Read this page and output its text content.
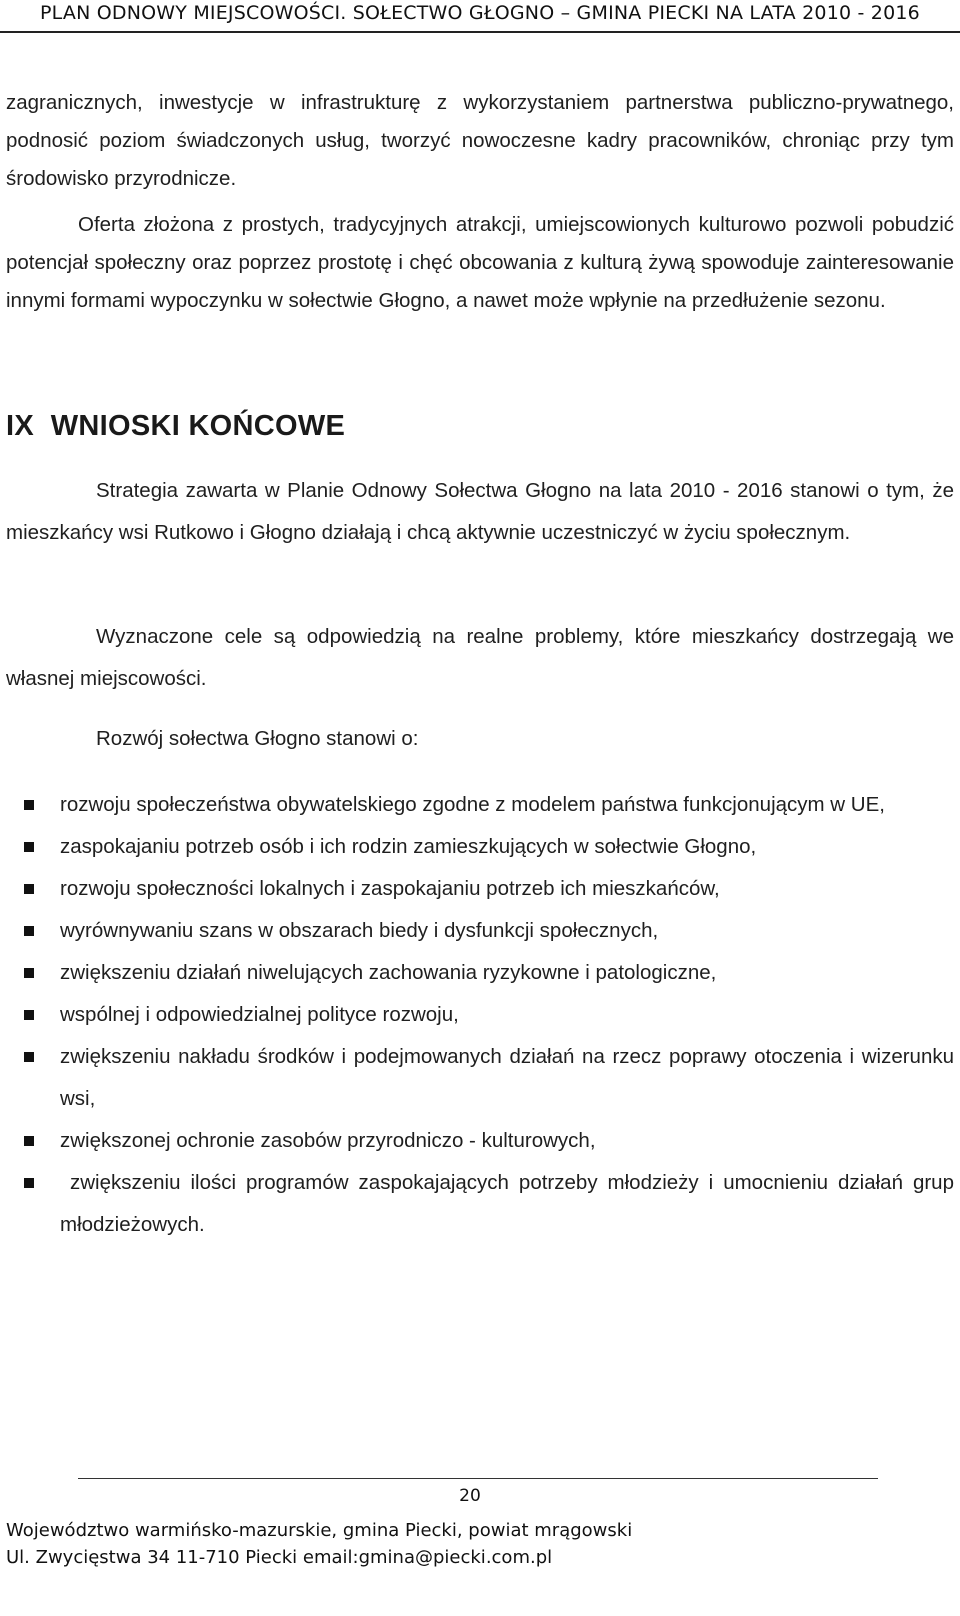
PLAN ODNOWY MIEJSCOWOŚCI. SOŁECTWO GŁOGNO – GMINA PIECKI NA LATA 2010 - 2016
zagranicznych, inwestycje w infrastrukturę z wykorzystaniem partnerstwa publiczno-prywatnego, podnosić poziom świadczonych usług, tworzyć nowoczesne kadry pracowników, chroniąc przy tym środowisko przyrodnicze.
Oferta złożona z prostych, tradycyjnych atrakcji, umiejscowionych kulturowo pozwoli pobudzić potencjał społeczny oraz poprzez prostotę i chęć obcowania z kulturą żywą spowoduje zainteresowanie innymi formami wypoczynku w sołectwie Głogno, a nawet może wpłynie na przedłużenie sezonu.
IX  WNIOSKI KOŃCOWE
Strategia zawarta w Planie Odnowy Sołectwa Głogno na lata 2010 - 2016 stanowi o tym, że mieszkańcy wsi Rutkowo i Głogno działają i chcą aktywnie uczestniczyć w życiu społecznym.
Wyznaczone cele są odpowiedzią na realne problemy, które mieszkańcy dostrzegają we własnej miejscowości.
Rozwój sołectwa Głogno stanowi o:
rozwoju społeczeństwa obywatelskiego zgodne z modelem państwa funkcjonującym w UE,
zaspokajaniu potrzeb osób i ich rodzin zamieszkujących w sołectwie Głogno,
rozwoju społeczności lokalnych i zaspokajaniu potrzeb ich mieszkańców,
wyrównywaniu szans w obszarach biedy i dysfunkcji społecznych,
zwiększeniu działań niwelujących zachowania ryzykowne i patologiczne,
wspólnej i odpowiedzialnej polityce rozwoju,
zwiększeniu nakładu środków i podejmowanych działań na rzecz poprawy otoczenia i wizerunku wsi,
zwiększonej ochronie zasobów przyrodniczo - kulturowych,
zwiększeniu ilości programów zaspokajających potrzeby młodzieży i umocnieniu działań grup młodzieżowych.
20
Województwo warmińsko-mazurskie, gmina Piecki, powiat mrągowski
Ul. Zwycięstwa 34 11-710 Piecki email:gmina@piecki.com.pl
